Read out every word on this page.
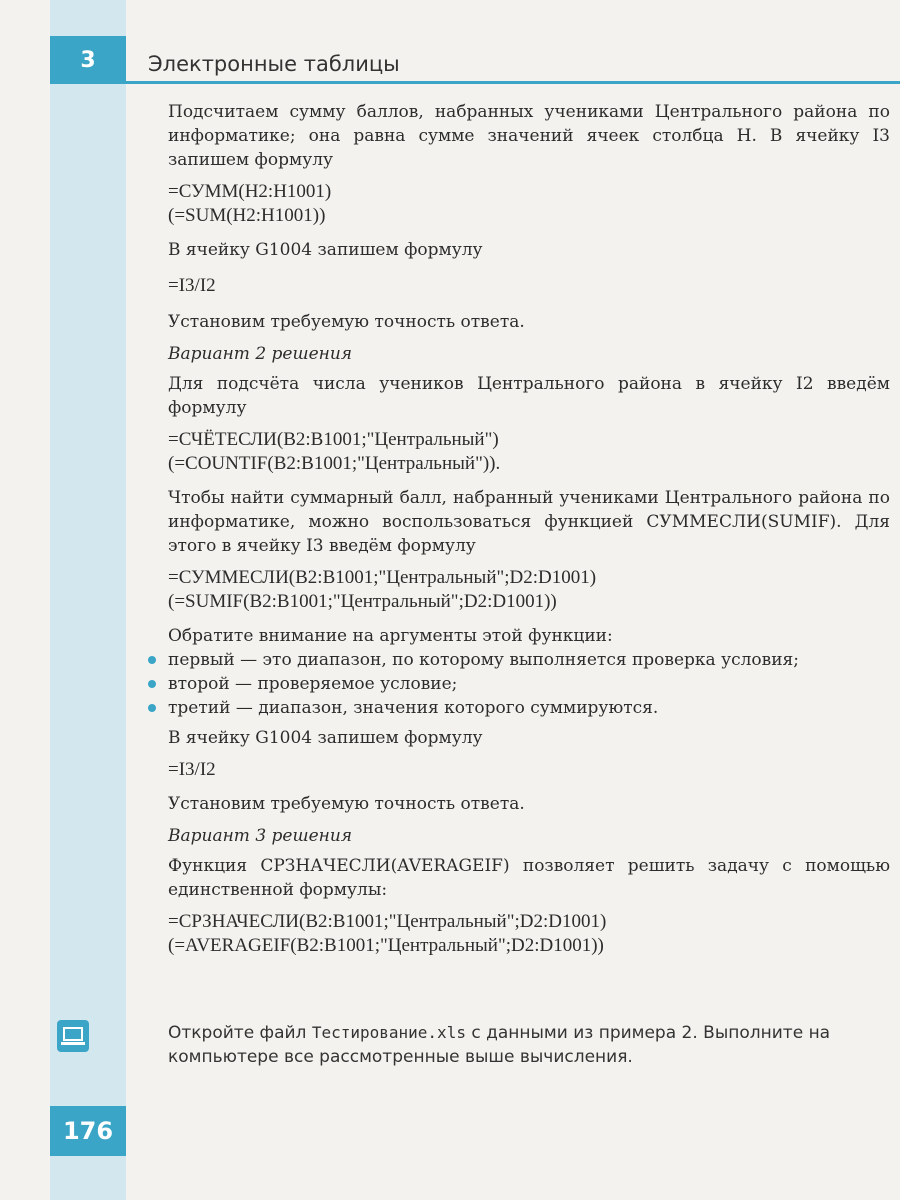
3	Электронные таблицы

Подсчитаем сумму баллов, набранных учениками Центрального района по информатике; она равна сумме значений ячеек столбца H. В ячейку I3 запишем формулу

=СУММ(H2:H1001)

(=SUM(H2:H1001))

В ячейку G1004 запишем формулу

=I3/I2

Установим требуемую точность ответа.

Вариант 2 решения

Для подсчёта числа учеников Центрального района в ячейку I2 введём формулу

=СЧЁТЕСЛИ(B2:B1001;"Центральный")

(=COUNTIF(B2:B1001;"Центральный")).

Чтобы найти суммарный балл, набранный учениками Центрального района по информатике, можно воспользоваться функцией СУММЕСЛИ(SUMIF). Для этого в ячейку I3 введём формулу

=СУММЕСЛИ(B2:B1001;"Центральный";D2:D1001)

(=SUMIF(B2:B1001;"Центральный";D2:D1001))

Обратите внимание на аргументы этой функции:

первый — это диапазон, по которому выполняется проверка условия;
второй — проверяемое условие;
третий — диапазон, значения которого суммируются.

В ячейку G1004 запишем формулу

=I3/I2

Установим требуемую точность ответа.

Вариант 3 решения

Функция СРЗНАЧЕСЛИ(AVERAGEIF) позволяет решить задачу с помощью единственной формулы:

=СРЗНАЧЕСЛИ(B2:B1001;"Центральный";D2:D1001)

(=AVERAGEIF(B2:B1001;"Центральный";D2:D1001))

Откройте файл Тестирование.xls с данными из примера 2. Выполните на компьютере все рассмотренные выше вычисления.
176
